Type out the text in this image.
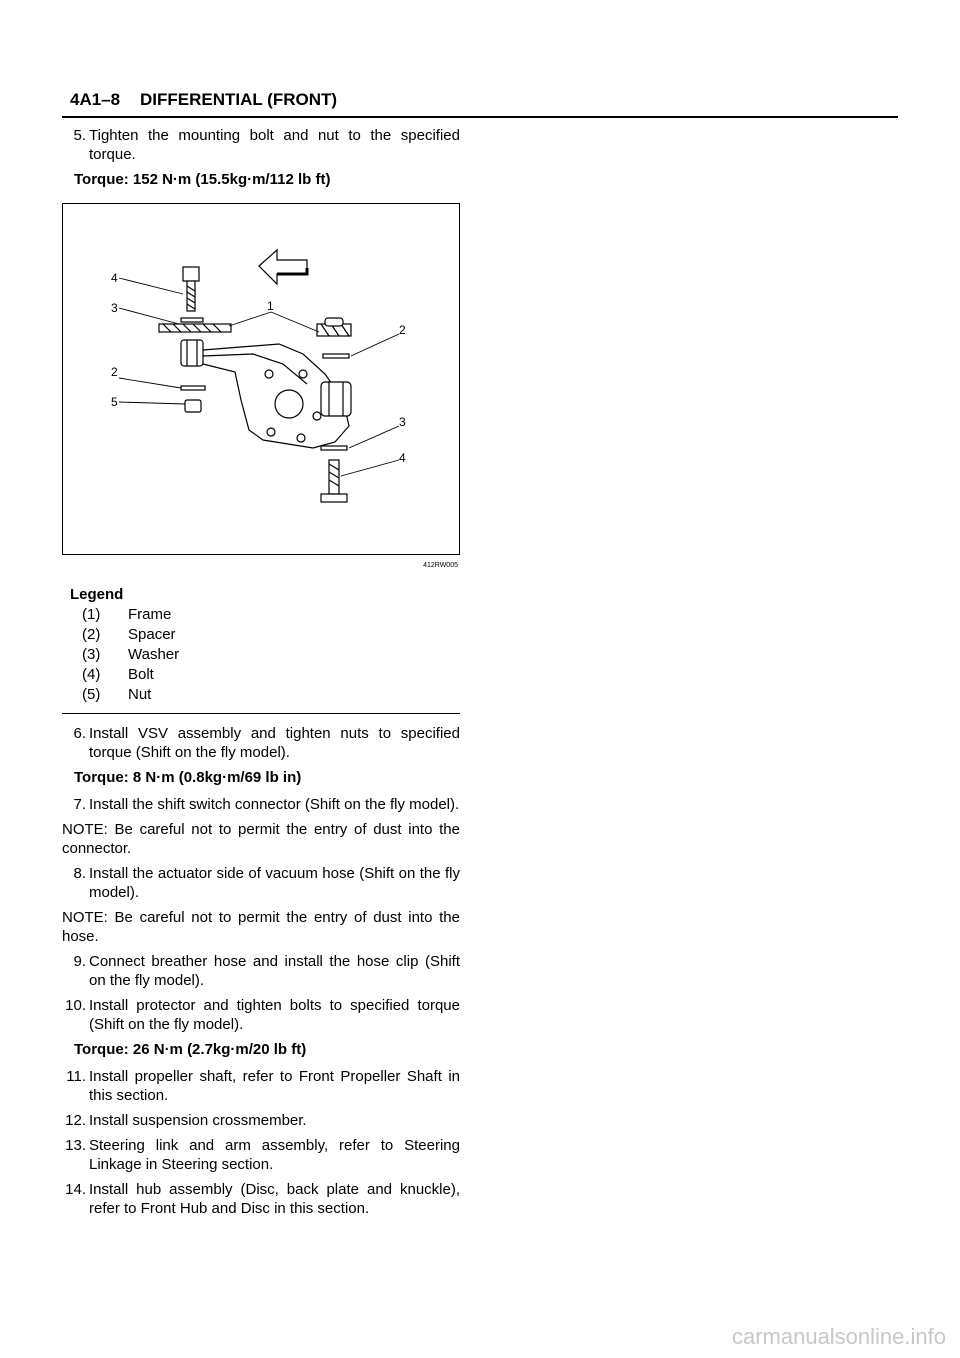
4A1–8 DIFFERENTIAL (FRONT)
5. Tighten the mounting bolt and nut to the specified torque.
Torque: 152 N·m (15.5kg·m/112 lb ft)
4
3
2
5
1
2
3
4
412RW005
Legend
(1)	Frame
(2)	Spacer
(3)	Washer
(4)	Bolt
(5)	Nut
6. Install VSV assembly and tighten nuts to specified torque (Shift on the fly model).
Torque: 8 N·m (0.8kg·m/69 lb in)
7. Install the shift switch connector (Shift on the fly model).
NOTE: Be careful not to permit the entry of dust into the connector.
8. Install the actuator side of vacuum hose (Shift on the fly model).
NOTE: Be careful not to permit the entry of dust into the hose.
9. Connect breather hose and install the hose clip (Shift on the fly model).
10. Install protector and tighten bolts to specified torque (Shift on the fly model).
Torque: 26 N·m (2.7kg·m/20 lb ft)
11. Install propeller shaft, refer to Front Propeller Shaft in this section.
12. Install suspension crossmember.
13. Steering link and arm assembly, refer to Steering Linkage in Steering section.
14. Install hub assembly (Disc, back plate and knuckle), refer to Front Hub and Disc in this section.
carmanualsonline.info
